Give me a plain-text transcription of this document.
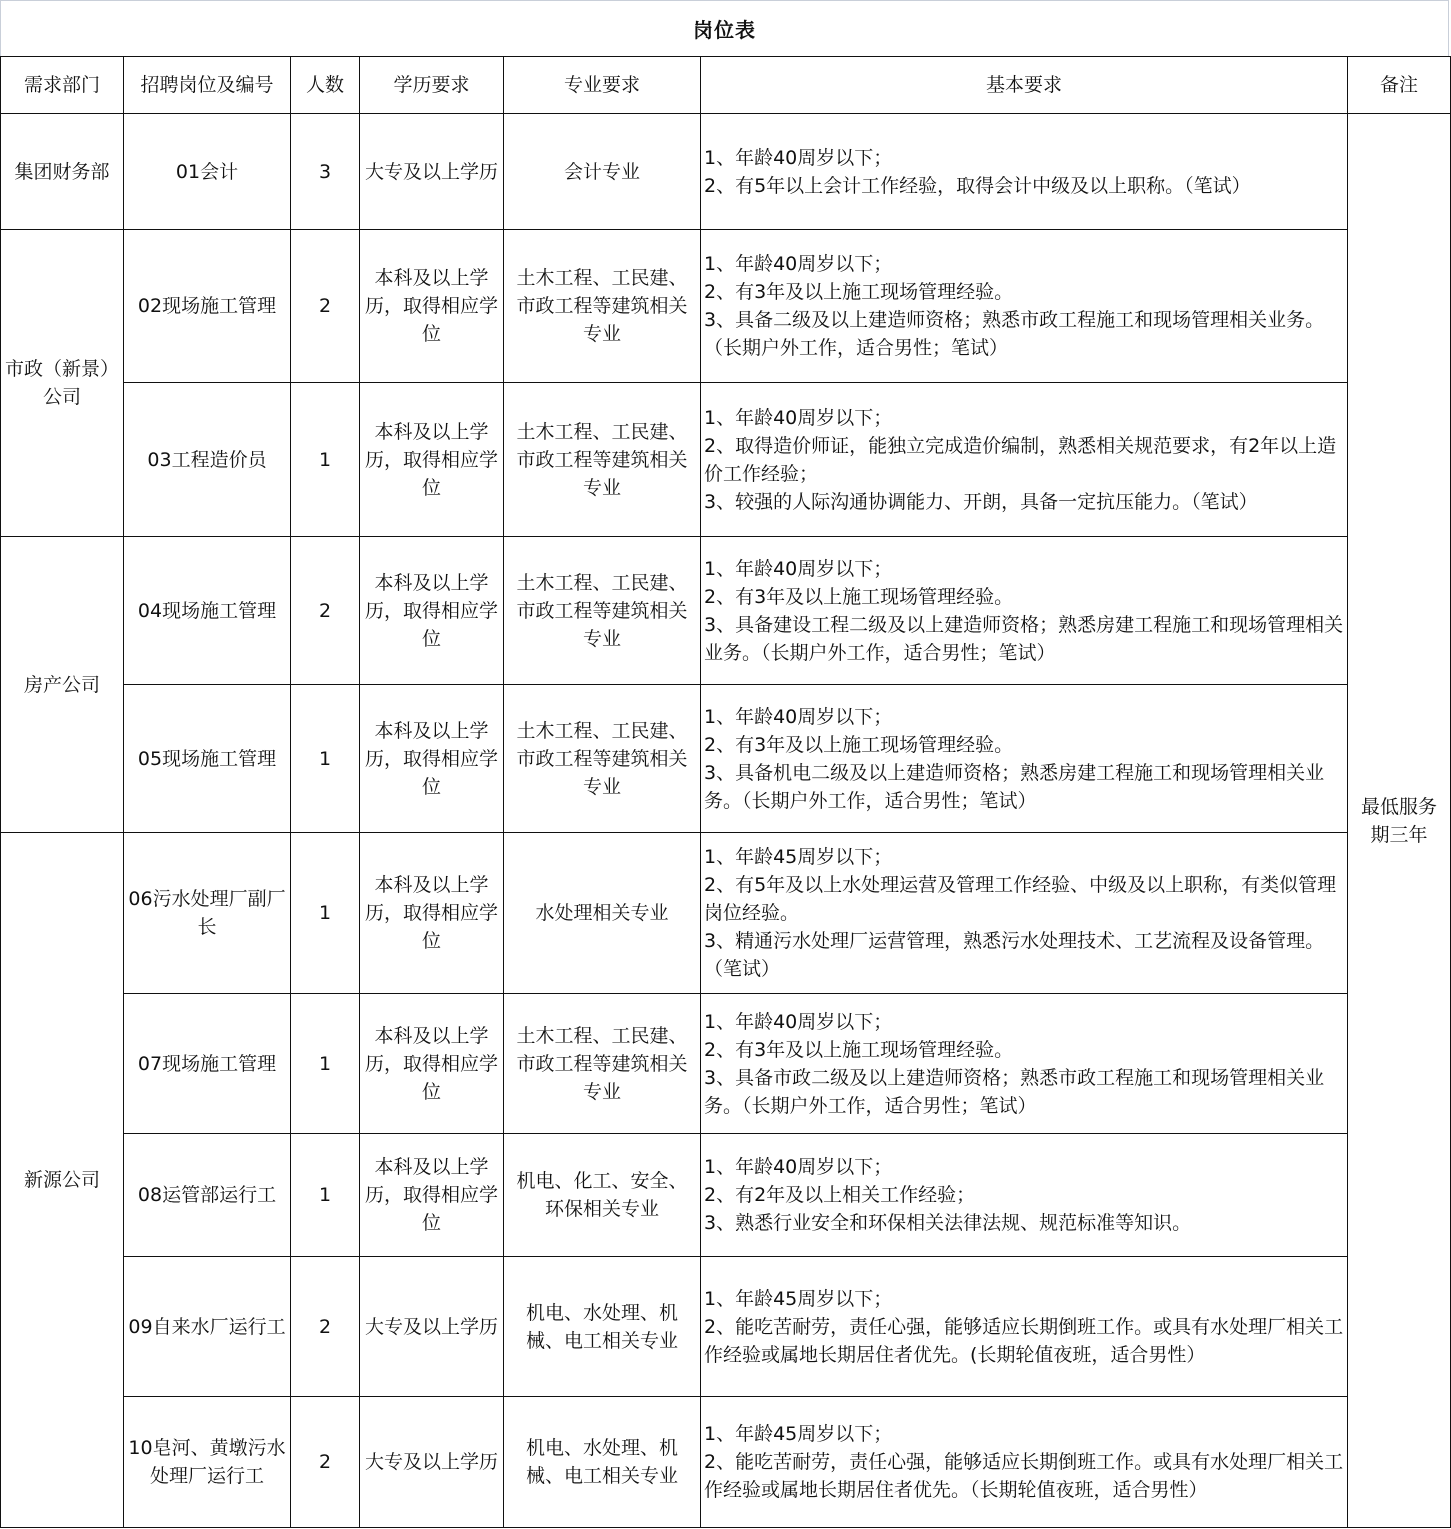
岗位表
需求部门	招聘岗位及编号	人数	学历要求	专业要求	基本要求	备注
集团财务部	01会计	3	大专及以上学历	会计专业	1、年龄40周岁以下；
2、有5年以上会计工作经验，取得会计中级及以上职称。（笔试）	最低服务期三年
市政（新景）公司	02现场施工管理	2	本科及以上学历，取得相应学位	土木工程、工民建、市政工程等建筑相关专业	1、年龄40周岁以下；
2、有3年及以上施工现场管理经验。
3、具备二级及以上建造师资格；熟悉市政工程施工和现场管理相关业务。（长期户外工作，适合男性；笔试）	

	03工程造价员	1	本科及以上学历，取得相应学位	土木工程、工民建、市政工程等建筑相关专业	1、年龄40周岁以下；
2、取得造价师证，能独立完成造价编制，熟悉相关规范要求，有2年以上造价工作经验；
3、较强的人际沟通协调能力、开朗，具备一定抗压能力。（笔试）	

房产公司	04现场施工管理	2	本科及以上学历，取得相应学位	土木工程、工民建、市政工程等建筑相关专业	1、年龄40周岁以下；
2、有3年及以上施工现场管理经验。
3、具备建设工程二级及以上建造师资格；熟悉房建工程施工和现场管理相关业务。（长期户外工作，适合男性；笔试）	

	05现场施工管理	1	本科及以上学历，取得相应学位	土木工程、工民建、市政工程等建筑相关专业	1、年龄40周岁以下；
2、有3年及以上施工现场管理经验。
3、具备机电二级及以上建造师资格；熟悉房建工程施工和现场管理相关业务。（长期户外工作，适合男性；笔试）	

新源公司	06污水处理厂副厂长	1	本科及以上学历，取得相应学位	水处理相关专业	1、年龄45周岁以下；
2、有5年及以上水处理运营及管理工作经验、中级及以上职称，有类似管理岗位经验。
3、精通污水处理厂运营管理，熟悉污水处理技术、工艺流程及设备管理。（笔试）	

	07现场施工管理	1	本科及以上学历，取得相应学位	土木工程、工民建、市政工程等建筑相关专业	1、年龄40周岁以下；
2、有3年及以上施工现场管理经验。
3、具备市政二级及以上建造师资格；熟悉市政工程施工和现场管理相关业务。（长期户外工作，适合男性；笔试）	

	08运管部运行工	1	本科及以上学历，取得相应学位	机电、化工、安全、环保相关专业	1、年龄40周岁以下；
2、有2年及以上相关工作经验；
3、熟悉行业安全和环保相关法律法规、规范标准等知识。	

	09自来水厂运行工	2	大专及以上学历	机电、水处理、机械、电工相关专业	1、年龄45周岁以下；
2、能吃苦耐劳，责任心强，能够适应长期倒班工作。或具有水处理厂相关工作经验或属地长期居住者优先。(长期轮值夜班，适合男性）	

	10皂河、黄墩污水处理厂运行工	2	大专及以上学历	机电、水处理、机械、电工相关专业	1、年龄45周岁以下；
2、能吃苦耐劳，责任心强，能够适应长期倒班工作。或具有水处理厂相关工作经验或属地长期居住者优先。（长期轮值夜班，适合男性）	
